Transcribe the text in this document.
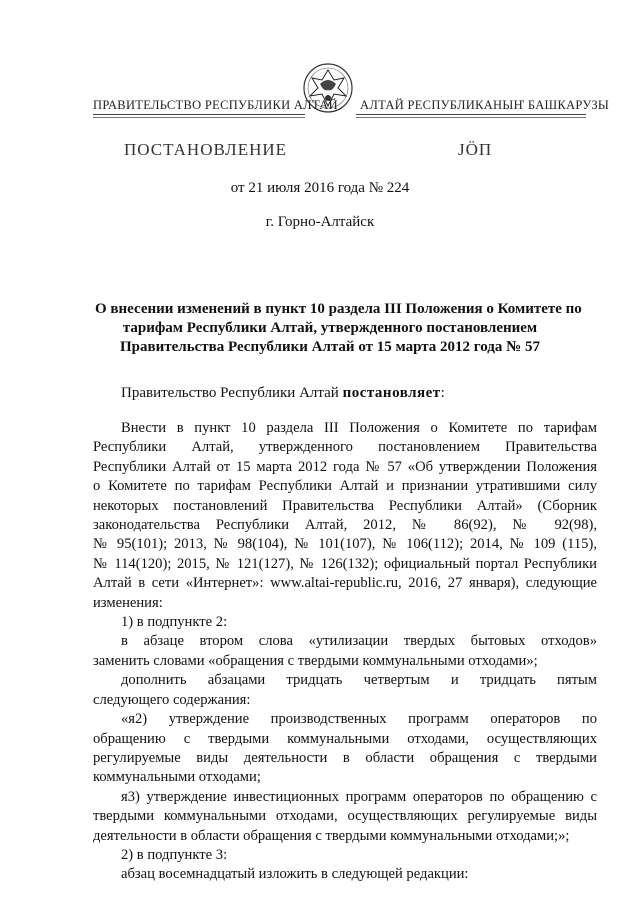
ПРАВИТЕЛЬСТВО РЕСПУБЛИКИ АЛТАЙ АЛТАЙ РЕСПУБЛИКАНЫҤ БАШКАРУЗЫ
ПОСТАНОВЛЕНИЕ	ЈӦП
от 21 июля 2016 года № 224
г. Горно-Алтайск
О внесении изменений в пункт 10 раздела III Положения о Комитете по
тарифам Республики Алтай, утвержденного постановлением
Правительства Республики Алтай от 15 марта 2012 года № 57
Правительство Республики Алтай постановляет:
Внести в пункт 10 раздела III Положения о Комитете по тарифам
Республики Алтай, утвержденного постановлением Правительства
Республики Алтай от 15 марта 2012 года № 57 «Об утверждении Положения
о Комитете по тарифам Республики Алтай и признании утратившими силу
некоторых постановлений Правительства Республики Алтай» (Сборник
законодательства Республики Алтай, 2012, № 86(92), № 92(98),
№ 95(101); 2013, № 98(104), № 101(107), № 106(112); 2014, № 109 (115),
№ 114(120); 2015, № 121(127), № 126(132); официальный портал Республики
Алтай в сети «Интернет»: www.altai-republic.ru, 2016, 27 января), следующие
изменения:
1) в подпункте 2:
в абзаце втором слова «утилизации твердых бытовых отходов»
заменить словами «обращения с твердыми коммунальными отходами»;
дополнить абзацами тридцать четвертым и тридцать пятым
следующего содержания:
«я2) утверждение производственных программ операторов по
обращению с твердыми коммунальными отходами, осуществляющих
регулируемые виды деятельности в области обращения с твердыми
коммунальными отходами;
я3) утверждение инвестиционных программ операторов по обращению с
твердыми коммунальными отходами, осуществляющих регулируемые виды
деятельности в области обращения с твердыми коммунальными отходами;»;
2) в подпункте 3:
абзац восемнадцатый изложить в следующей редакции:
